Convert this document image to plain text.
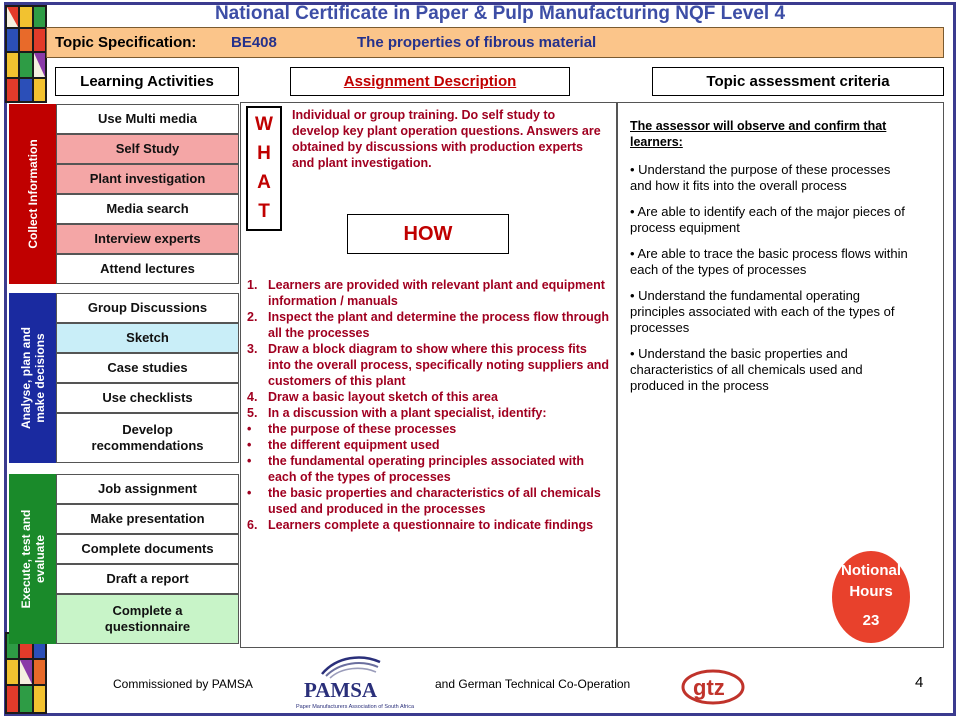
National Certificate in Paper & Pulp Manufacturing NQF Level 4
Topic Specification: BE408	The properties of fibrous material
Learning Activities	Assignment Description	Topic assessment criteria
Collect Information
Use Multi media
Self Study
Plant investigation
Media search
Interview experts
Attend lectures
Analyse, plan and
make decisions
Group Discussions
Sketch
Case studies
Use checklists
Develop recommendations
Execute, test and
evaluate
Job assignment
Make presentation
Complete documents
Draft a report
Complete a questionnaire
W
H
A
T
Individual or group training. Do self study to develop key plant operation questions. Answers are obtained by discussions with production experts and plant investigation.
HOW
1. Learners are provided with relevant plant and equipment information / manuals
2. Inspect the plant and determine the process flow through all the processes
3. Draw a block diagram to show where this process fits into the overall process, specifically noting suppliers and customers of this plant
4. Draw a basic layout sketch of this area
5. In a discussion with a plant specialist, identify:
•	the purpose of these processes
•	the different equipment used
•	the fundamental operating principles associated with each of the types of processes
•	the basic properties and characteristics of all chemicals used and produced in the processes
6. Learners complete a questionnaire to indicate findings
The assessor will observe and confirm that learners:
• Understand the purpose of these processes and how it fits into the overall process
• Are able to identify each of the major pieces of process equipment
• Are able to trace the basic process flows within each of the types of processes
• Understand the fundamental operating principles associated with each of the types of processes
• Understand the basic properties and characteristics of all chemicals used and produced in the process
Notional
Hours
23
Commissioned by PAMSA	and German Technical Co-Operation	4
PAMSA
Paper Manufacturers Association of South Africa
gtz
